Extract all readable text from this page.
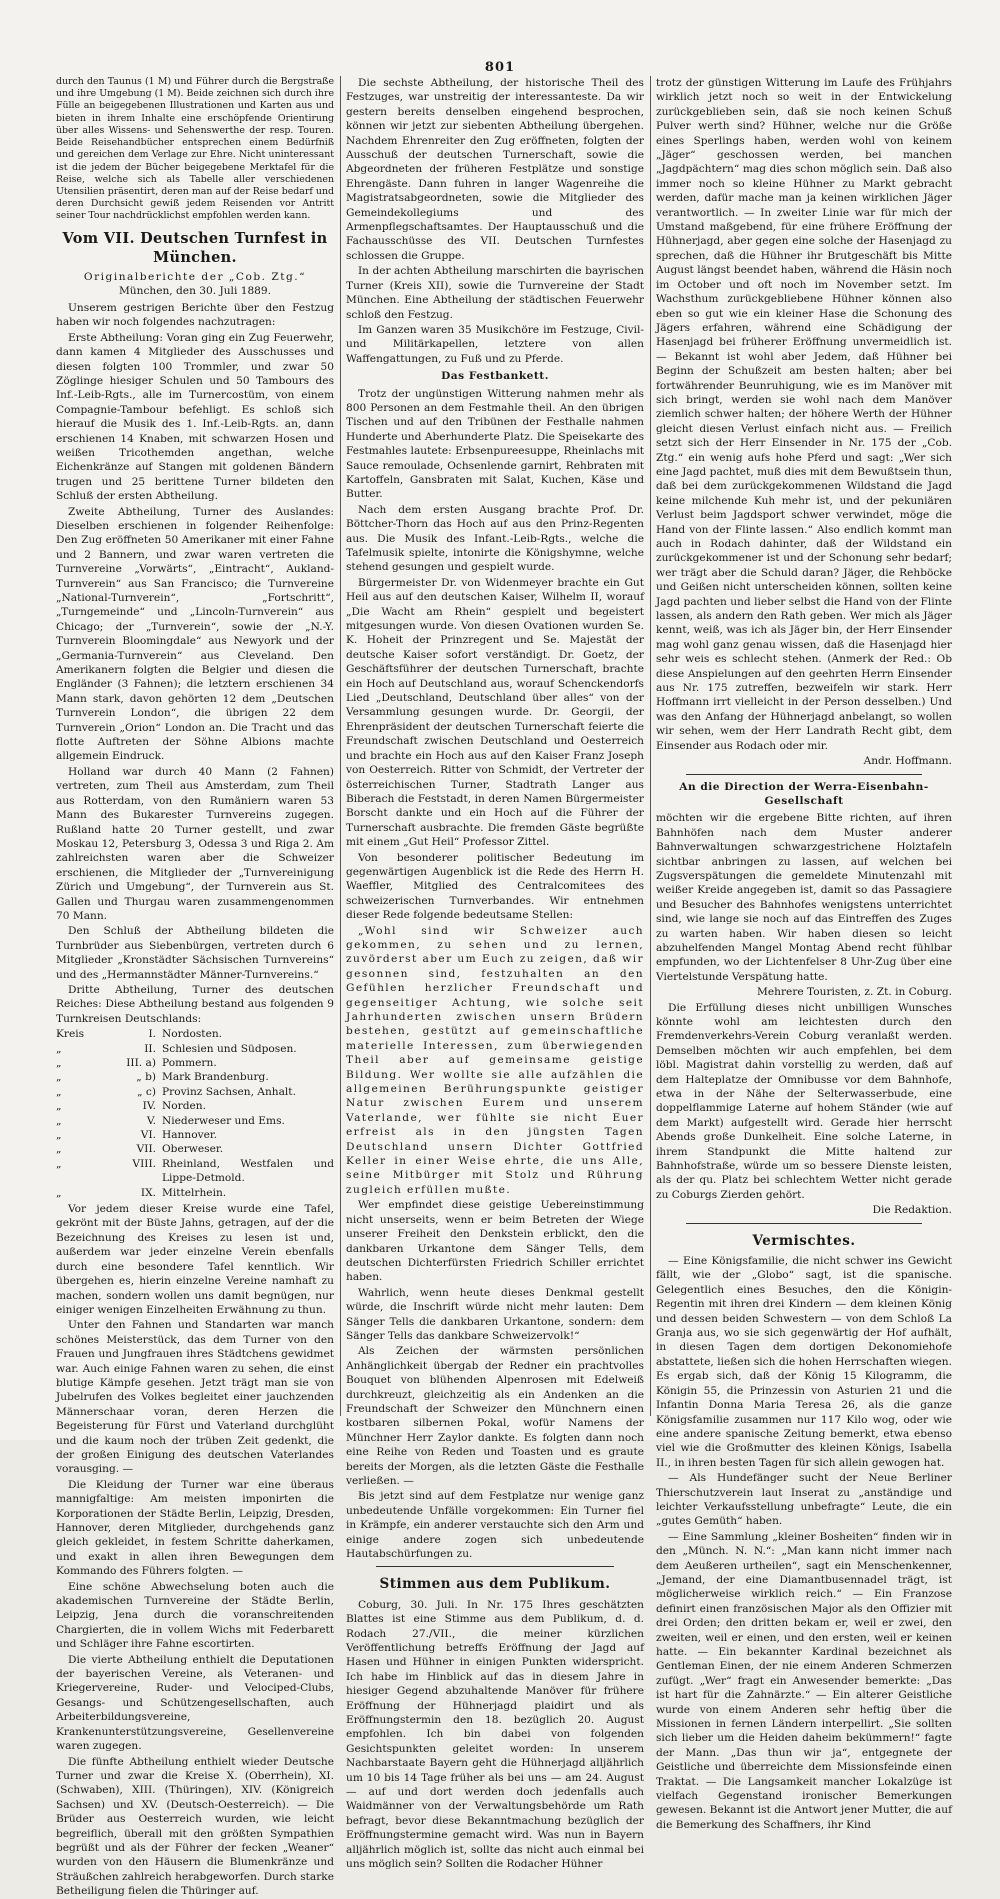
801

durch den Taunus (1 M) und Führer durch die Bergstraße und ihre Umgebung (1 M). Beide zeichnen sich durch ihre Fülle an beigegebenen Illustrationen und Karten aus und bieten in ihrem Inhalte eine erschöpfende Orientirung über alles Wissens- und Sehenswerthe der resp. Touren. Beide Reisehandbücher entsprechen einem Bedürfniß und gereichen dem Verlage zur Ehre. Nicht uninteressant ist die jedem der Bücher beigegebene Merktafel für die Reise, welche sich als Tabelle aller verschiedenen Utensilien präsentirt, deren man auf der Reise bedarf und deren Durchsicht gewiß jedem Reisenden vor Antritt seiner Tour nachdrücklichst empfohlen werden kann.

Vom VII. Deutschen Turnfest in München.
Originalberichte der „Cob. Ztg.“
München, den 30. Juli 1889.

Unserem gestrigen Berichte über den Festzug haben wir noch folgendes nachzutragen:

Erste Abtheilung: Voran ging ein Zug Feuerwehr, dann kamen 4 Mitglieder des Ausschusses und diesen folgten 100 Trommler, und zwar 50 Zöglinge hiesiger Schulen und 50 Tambours des Inf.-Leib-Rgts., alle im Turnercostüm, von einem Compagnie-Tambour befehligt. Es schloß sich hierauf die Musik des 1. Inf.-Leib-Rgts. an, dann erschienen 14 Knaben, mit schwarzen Hosen und weißen Tricothemden angethan, welche Eichenkränze auf Stangen mit goldenen Bändern trugen und 25 berittene Turner bildeten den Schluß der ersten Abtheilung.

Zweite Abtheilung, Turner des Auslandes: Dieselben erschienen in folgender Reihenfolge: Den Zug eröffneten 50 Amerikaner mit einer Fahne und 2 Bannern, und zwar waren vertreten die Turnvereine „Vorwärts“, „Eintracht“, Aukland-Turnverein“ aus San Francisco; die Turnvereine „National-Turnverein“, „Fortschritt“, „Turngemeinde“ und „Lincoln-Turnverein“ aus Chicago; der „Turnverein“, sowie der „N.-Y. Turnverein Bloomingdale“ aus Newyork und der „Germania-Turnverein“ aus Cleveland. Den Amerikanern folgten die Belgier und diesen die Engländer (3 Fahnen); die letztern erschienen 34 Mann stark, davon gehörten 12 dem „Deutschen Turnverein London“, die übrigen 22 dem Turnverein „Orion“ London an. Die Tracht und das flotte Auftreten der Söhne Albions machte allgemein Eindruck.

Holland war durch 40 Mann (2 Fahnen) vertreten, zum Theil aus Amsterdam, zum Theil aus Rotterdam, von den Rumäniern waren 53 Mann des Bukarester Turnvereins zugegen. Rußland hatte 20 Turner gestellt, und zwar Moskau 12, Petersburg 3, Odessa 3 und Riga 2. Am zahlreichsten waren aber die Schweizer erschienen, die Mitglieder der „Turnvereinigung Zürich und Umgebung“, der Turnverein aus St. Gallen und Thurgau waren zusammengenommen 70 Mann.

Den Schluß der Abtheilung bildeten die Turnbrüder aus Siebenbürgen, vertreten durch 6 Mitglieder „Kronstädter Sächsischen Turnvereins“ und des „Hermannstädter Männer-Turnvereins.“

Dritte Abtheilung, Turner des deutschen Reiches: Diese Abtheilung bestand aus folgenden 9 Turnkreisen Deutschlands:

Kreis	I. Nordosten.
„	II. Schlesien und Südposen.
„	III. a) Pommern.
„	„ b) Mark Brandenburg.
„	„ c) Provinz Sachsen, Anhalt.
„	IV. Norden.
„	V. Niederweser und Ems.
„	VI. Hannover.
„	VII. Oberweser.
„	VIII. Rheinland, Westfalen und Lippe-Detmold.
„	IX. Mittelrhein.

Vor jedem dieser Kreise wurde eine Tafel, gekrönt mit der Büste Jahns, getragen, auf der die Bezeichnung des Kreises zu lesen ist und, außerdem war jeder einzelne Verein ebenfalls durch eine besondere Tafel kenntlich. Wir übergehen es, hierin einzelne Vereine namhaft zu machen, sondern wollen uns damit begnügen, nur einiger wenigen Einzelheiten Erwähnung zu thun.

Unter den Fahnen und Standarten war manch schönes Meisterstück, das dem Turner von den Frauen und Jungfrauen ihres Städtchens gewidmet war. Auch einige Fahnen waren zu sehen, die einst blutige Kämpfe gesehen. Jetzt trägt man sie von Jubelrufen des Volkes begleitet einer jauchzenden Männerschaar voran, deren Herzen die Begeisterung für Fürst und Vaterland durchglüht und die kaum noch der trüben Zeit gedenkt, die der großen Einigung des deutschen Vaterlandes vorausging. —

Die Kleidung der Turner war eine überaus mannigfaltige: Am meisten imponirten die Korporationen der Städte Berlin, Leipzig, Dresden, Hannover, deren Mitglieder, durchgehends ganz gleich gekleidet, in festem Schritte daherkamen, und exakt in allen ihren Bewegungen dem Kommando des Führers folgten. —

Eine schöne Abwechselung boten auch die akademischen Turnvereine der Städte Berlin, Leipzig, Jena durch die voranschreitenden Chargierten, die in vollem Wichs mit Federbarett und Schläger ihre Fahne escortirten.

Die vierte Abtheilung enthielt die Deputationen der bayerischen Vereine, als Veteranen- und Kriegervereine, Ruder- und Velociped-Clubs, Gesangs- und Schützengesellschaften, auch Arbeiterbildungsvereine, Krankenunterstützungsvereine, Gesellenvereine waren zugegen.

Die fünfte Abtheilung enthielt wieder Deutsche Turner und zwar die Kreise X. (Oberrhein), XI. (Schwaben), XIII. (Thüringen), XIV. (Königreich Sachsen) und XV. (Deutsch-Oesterreich). — Die Brüder aus Oesterreich wurden, wie leicht begreiflich, überall mit den größten Sympathien begrüßt und als der Führer der fecken „Weaner“ wurden von den Häusern die Blumenkränze und Sträußchen zahlreich herabgeworfen. Durch starke Betheiligung fielen die Thüringer auf.

Die sechste Abtheilung, der historische Theil des Festzuges, war unstreitig der interessanteste. Da wir gestern bereits denselben eingehend besprochen, können wir jetzt zur siebenten Abtheilung übergehen. Nachdem Ehrenreiter den Zug eröffneten, folgten der Ausschuß der deutschen Turnerschaft, sowie die Abgeordneten der früheren Festplätze und sonstige Ehrengäste. Dann fuhren in langer Wagenreihe die Magistratsabgeordneten, sowie die Mitglieder des Gemeindekollegiums und des Armenpflegschaftsamtes. Der Hauptausschuß und die Fachausschüsse des VII. Deutschen Turnfestes schlossen die Gruppe.

In der achten Abtheilung marschirten die bayrischen Turner (Kreis XII), sowie die Turnvereine der Stadt München. Eine Abtheilung der städtischen Feuerwehr schloß den Festzug.

Im Ganzen waren 35 Musikchöre im Festzuge, Civil- und Militärkapellen, letztere von allen Waffengattungen, zu Fuß und zu Pferde.

Das Festbankett.

Trotz der ungünstigen Witterung nahmen mehr als 800 Personen an dem Festmahle theil. An den übrigen Tischen und auf den Tribünen der Festhalle nahmen Hunderte und Aberhunderte Platz. Die Speisekarte des Festmahles lautete: Erbsenpureesuppe, Rheinlachs mit Sauce remoulade, Ochsenlende garnirt, Rehbraten mit Kartoffeln, Gansbraten mit Salat, Kuchen, Käse und Butter.

Nach dem ersten Ausgang brachte Prof. Dr. Böttcher-Thorn das Hoch auf aus den Prinz-Regenten aus. Die Musik des Infant.-Leib-Rgts., welche die Tafelmusik spielte, intonirte die Königshymne, welche stehend gesungen und gespielt wurde.

Bürgermeister Dr. von Widenmeyer brachte ein Gut Heil aus auf den deutschen Kaiser, Wilhelm II, worauf „Die Wacht am Rhein“ gespielt und begeistert mitgesungen wurde. Von diesen Ovationen wurden Se. K. Hoheit der Prinzregent und Se. Majestät der deutsche Kaiser sofort verständigt. Dr. Goetz, der Geschäftsführer der deutschen Turnerschaft, brachte ein Hoch auf Deutschland aus, worauf Schenckendorfs Lied „Deutschland, Deutschland über alles“ von der Versammlung gesungen wurde. Dr. Georgii, der Ehrenpräsident der deutschen Turnerschaft feierte die Freundschaft zwischen Deutschland und Oesterreich und brachte ein Hoch aus auf den Kaiser Franz Joseph von Oesterreich. Ritter von Schmidt, der Vertreter der österreichischen Turner, Stadtrath Langer aus Biberach die Feststadt, in deren Namen Bürgermeister Borscht dankte und ein Hoch auf die Führer der Turnerschaft ausbrachte. Die fremden Gäste begrüßte mit einem „Gut Heil“ Professor Zittel.

Von besonderer politischer Bedeutung im gegenwärtigen Augenblick ist die Rede des Herrn H. Waeffler, Mitglied des Centralcomitees des schweizerischen Turnverbandes. Wir entnehmen dieser Rede folgende bedeutsame Stellen:

„Wohl sind wir Schweizer auch gekommen, zu sehen und zu lernen, zuvörderst aber um Euch zu zeigen, daß wir gesonnen sind, festzuhalten an den Gefühlen herzlicher Freundschaft und gegenseitiger Achtung, wie solche seit Jahrhunderten zwischen unsern Brüdern bestehen, gestützt auf gemeinschaftliche materielle Interessen, zum überwiegenden Theil aber auf gemeinsame geistige Bildung. Wer wollte sie alle aufzählen die allgemeinen Berührungspunkte geistiger Natur zwischen Eurem und unserem Vaterlande, wer fühlte sie nicht Euer erfreist als in den jüngsten Tagen Deutschland unsern Dichter Gottfried Keller in einer Weise ehrte, die uns Alle, seine Mitbürger mit Stolz und Rührung zugleich erfüllen mußte.

Wer empfindet diese geistige Uebereinstimmung nicht unserseits, wenn er beim Betreten der Wiege unserer Freiheit den Denkstein erblickt, den die dankbaren Urkantone dem Sänger Tells, dem deutschen Dichterfürsten Friedrich Schiller errichtet haben.

Wahrlich, wenn heute dieses Denkmal gestellt würde, die Inschrift würde nicht mehr lauten: Dem Sänger Tells die dankbaren Urkantone, sondern: dem Sänger Tells das dankbare Schweizervolk!“

Als Zeichen der wärmsten persönlichen Anhänglichkeit übergab der Redner ein prachtvolles Bouquet von blühenden Alpenrosen mit Edelweiß durchkreuzt, gleichzeitig als ein Andenken an die Freundschaft der Schweizer den Münchnern einen kostbaren silbernen Pokal, wofür Namens der Münchner Herr Zaylor dankte. Es folgten dann noch eine Reihe von Reden und Toasten und es graute bereits der Morgen, als die letzten Gäste die Festhalle verließen. —

Bis jetzt sind auf dem Festplatze nur wenige ganz unbedeutende Unfälle vorgekommen: Ein Turner fiel in Krämpfe, ein anderer verstauchte sich den Arm und einige andere zogen sich unbedeutende Hautabschürfungen zu.

Stimmen aus dem Publikum.

Coburg, 30. Juli. In Nr. 175 Ihres geschätzten Blattes ist eine Stimme aus dem Publikum, d. d. Rodach 27./VII., die meiner kürzlichen Veröffentlichung betreffs Eröffnung der Jagd auf Hasen und Hühner in einigen Punkten widerspricht. Ich habe im Hinblick auf das in diesem Jahre in hiesiger Gegend abzuhaltende Manöver für frühere Eröffnung der Hühnerjagd plaidirt und als Eröffnungstermin den 18. bezüglich 20. August empfohlen. Ich bin dabei von folgenden Gesichtspunkten geleitet worden: In unserem Nachbarstaate Bayern geht die Hühnerjagd alljährlich um 10 bis 14 Tage früher als bei uns — am 24. August — auf und dort werden doch jedenfalls auch Waidmänner von der Verwaltungsbehörde um Rath befragt, bevor diese Bekanntmachung bezüglich der Eröffnungstermine gemacht wird. Was nun in Bayern alljährlich möglich ist, sollte das nicht auch einmal bei uns möglich sein? Sollten die Rodacher Hühner

trotz der günstigen Witterung im Laufe des Frühjahrs wirklich jetzt noch so weit in der Entwickelung zurückgeblieben sein, daß sie noch keinen Schuß Pulver werth sind? Hühner, welche nur die Größe eines Sperlings haben, werden wohl von keinem „Jäger“ geschossen werden, bei manchen „Jagdpächtern“ mag dies schon möglich sein. Daß also immer noch so kleine Hühner zu Markt gebracht werden, dafür mache man ja keinen wirklichen Jäger verantwortlich. — In zweiter Linie war für mich der Umstand maßgebend, für eine frühere Eröffnung der Hühnerjagd, aber gegen eine solche der Hasenjagd zu sprechen, daß die Hühner ihr Brutgeschäft bis Mitte August längst beendet haben, während die Häsin noch im October und oft noch im November setzt. Im Wachsthum zurückgebliebene Hühner können also eben so gut wie ein kleiner Hase die Schonung des Jägers erfahren, während eine Schädigung der Hasenjagd bei früherer Eröffnung unvermeidlich ist. — Bekannt ist wohl aber Jedem, daß Hühner bei Beginn der Schußzeit am besten halten; aber bei fortwährender Beunruhigung, wie es im Manöver mit sich bringt, werden sie wohl nach dem Manöver ziemlich schwer halten; der höhere Werth der Hühner gleicht diesen Verlust einfach nicht aus. — Freilich setzt sich der Herr Einsender in Nr. 175 der „Cob. Ztg.“ ein wenig aufs hohe Pferd und sagt: „Wer sich eine Jagd pachtet, muß dies mit dem Bewußtsein thun, daß bei dem zurückgekommenen Wildstand die Jagd keine milchende Kuh mehr ist, und der pekuniären Verlust beim Jagdsport schwer verwindet, möge die Hand von der Flinte lassen.“ Also endlich kommt man auch in Rodach dahinter, daß der Wildstand ein zurückgekommener ist und der Schonung sehr bedarf; wer trägt aber die Schuld daran? Jäger, die Rehböcke und Geißen nicht unterscheiden können, sollten keine Jagd pachten und lieber selbst die Hand von der Flinte lassen, als andern den Rath geben. Wer mich als Jäger kennt, weiß, was ich als Jäger bin, der Herr Einsender mag wohl ganz genau wissen, daß die Hasenjagd hier sehr weis es schlecht stehen. (Anmerk der Red.: Ob diese Anspielungen auf den geehrten Herrn Einsender aus Nr. 175 zutreffen, bezweifeln wir stark. Herr Hoffmann irrt vielleicht in der Person desselben.) Und was den Anfang der Hühnerjagd anbelangt, so wollen wir sehen, wem der Herr Landrath Recht gibt, dem Einsender aus Rodach oder mir.

Andr. Hoffmann.

An die Direction der Werra-Eisenbahn-Gesellschaft

möchten wir die ergebene Bitte richten, auf ihren Bahnhöfen nach dem Muster anderer Bahnverwaltungen schwarzgestrichene Holztafeln sichtbar anbringen zu lassen, auf welchen bei Zugsverspätungen die gemeldete Minutenzahl mit weißer Kreide angegeben ist, damit so das Passagiere und Besucher des Bahnhofes wenigstens unterrichtet sind, wie lange sie noch auf das Eintreffen des Zuges zu warten haben. Wir haben diesen so leicht abzuhelfenden Mangel Montag Abend recht fühlbar empfunden, wo der Lichtenfelser 8 Uhr-Zug über eine Viertelstunde Verspätung hatte.

Mehrere Touristen, z. Zt. in Coburg.

Die Erfüllung dieses nicht unbilligen Wunsches könnte wohl am leichtesten durch den Fremdenverkehrs-Verein Coburg veranlaßt werden. Demselben möchten wir auch empfehlen, bei dem löbl. Magistrat dahin vorstellig zu werden, daß auf dem Halteplatze der Omnibusse vor dem Bahnhofe, etwa in der Nähe der Selterwasserbude, eine doppelflammige Laterne auf hohem Ständer (wie auf dem Markt) aufgestellt wird. Gerade hier herrscht Abends große Dunkelheit. Eine solche Laterne, in ihrem Standpunkt die Mitte haltend zur Bahnhofstraße, würde um so bessere Dienste leisten, als der qu. Platz bei schlechtem Wetter nicht gerade zu Coburgs Zierden gehört.

Die Redaktion.

Vermischtes.

— Eine Königsfamilie, die nicht schwer ins Gewicht fällt, wie der „Globo“ sagt, ist die spanische. Gelegentlich eines Besuches, den die Königin-Regentin mit ihren drei Kindern — dem kleinen König und dessen beiden Schwestern — von dem Schloß La Granja aus, wo sie sich gegenwärtig der Hof aufhält, in diesen Tagen dem dortigen Dekonomiehofe abstattete, ließen sich die hohen Herrschaften wiegen. Es ergab sich, daß der König 15 Kilogramm, die Königin 55, die Prinzessin von Asturien 21 und die Infantin Donna Maria Teresa 26, als die ganze Königsfamilie zusammen nur 117 Kilo wog, oder wie eine andere spanische Zeitung bemerkt, etwa ebenso viel wie die Großmutter des kleinen Königs, Isabella II., in ihren besten Tagen für sich allein gewogen hat.

— Als Hundefänger sucht der Neue Berliner Thierschutzverein laut Inserat zu „anständige und leichter Verkaufsstellung unbefragte“ Leute, die ein „gutes Gemüth“ haben.

— Eine Sammlung „kleiner Bosheiten“ finden wir in den „Münch. N. N.“: „Man kann nicht immer nach dem Aeußeren urtheilen“, sagt ein Menschenkenner, „Jemand, der eine Diamantbusennadel trägt, ist möglicherweise wirklich reich.“ — Ein Franzose definirt einen französischen Major als den Offizier mit drei Orden; den dritten bekam er, weil er zwei, den zweiten, weil er einen, und den ersten, weil er keinen hatte. — Ein bekannter Kardinal bezeichnet als Gentleman Einen, der nie einem Anderen Schmerzen zufügt. „Wer“ fragt ein Anwesender bemerkte: „Das ist hart für die Zahnärzte.“ — Ein alterer Geistliche wurde von einem Anderen sehr heftig über die Missionen in fernen Ländern interpellirt. „Sie sollten sich lieber um die Heiden daheim bekümmern!“ fagte der Mann. „Das thun wir ja“, entgegnete der Geistliche und überreichte dem Missionsfeinde einen Traktat. — Die Langsamkeit mancher Lokalzüge ist vielfach Gegenstand ironischer Bemerkungen gewesen. Bekannt ist die Antwort jener Mutter, die auf die Bemerkung des Schaffners, ihr Kind
